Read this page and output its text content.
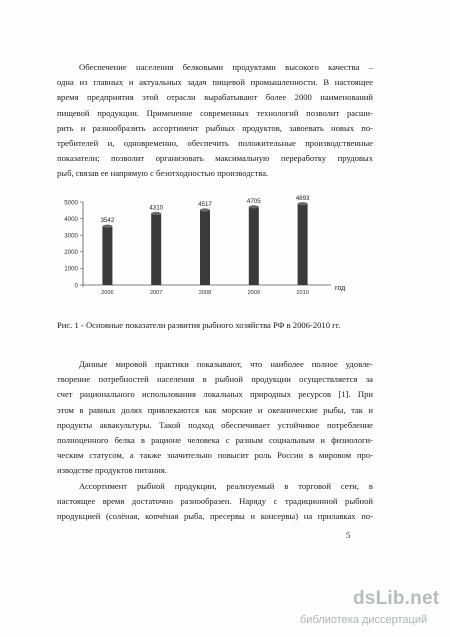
Обеспечение населения белковыми продуктами высокого качества –
одна из главных и актуальных задач пищевой промышленности. В настоящее
время предприятия этой отрасли вырабатывают более 2000 наименований
пищевой продукции. Применение современных технологий позволит расши-
рить и разнообразить ассортимент рыбных продуктов, завоевать новых по-
требителей и, одновременно, обеспечить положительные производственные
показатели; позволит организовать максимальную переработку прудовых
рыб, связав ее напрямую с безотходностью производства.
0
1000
2000
3000
4000
5000
3542
2006
4310
2007
4517
2008
4705
2009
4893
2010
год
Рис. 1 - Основные показатели развития рыбного хозяйства РФ в 2006-2010 гг.
Данные мировой практики показывают, что наиболее полное удовле-
творение потребностей населения в рыбной продукции осуществляется за
счет рационального использования локальных природных ресурсов [1]. При
этом в равных долях привлекаются как морские и океанические рыбы, так и
продукты аквакультуры. Такой подход обеспечивает устойчивое потребление
полноценного белка в рационе человека с разным социальным и физиологи-
ческим статусом, а также значительно повысит роль России в мировом про-
изводстве продуктов питания.
Ассортимент рыбной продукции, реализуемый в торговой сети, в
настоящее время достаточно разнообразен. Наряду с традиционной рыбной
продукцией (солёная, копчёная рыба, пресервы и консервы) на прилавках по-
5
dsLib.net
библиотека диссертаций
